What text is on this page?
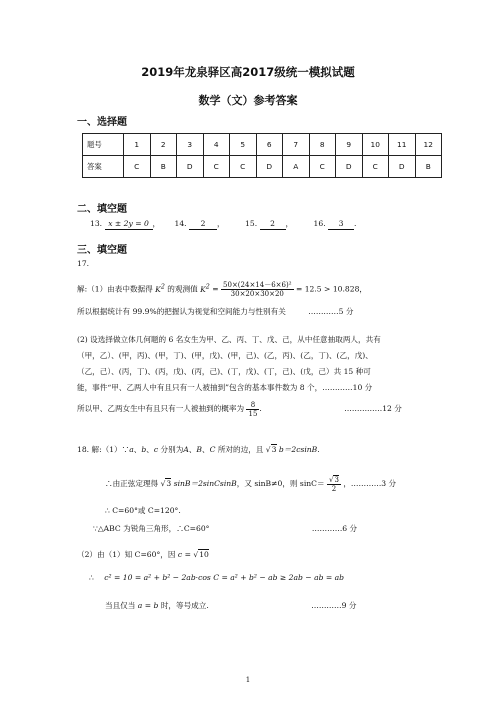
2019年龙泉驿区高2017级统一模拟试题
数学（文）参考答案
一、选择题
题号	1	2	3	4	5	6	7	8	9	10	11	12
答案	C	B	D	C	C	D	A	C	D	C	D	B
二、填空题
13. x ± 2y = 0 ， 14. 2 ，	15. 2 ，	16. 3 .
三、填空题
17.
解:（1）由表中数据得 $K^2$ 的观测值 $K^2 = \frac{\text{50×(24×14－6×6)²}}{30\times 20\times 30\times 20} = 12.5 > 10.828$，
所以根据统计有 99.9%的把握认为视觉和空间能力与性别有关	…………5 分
(2) 设选择做立体几何题的 6 名女生为甲、乙、丙、丁、戊、己，从中任意抽取两人，共有
（甲，乙）、(甲，丙)、(甲，丁)、(甲，戊)、(甲，己)、(乙，丙)、(乙，丁)、(乙，戊)、
（乙，己）、(丙，丁)、(丙，戊)、(丙，己)、(丁，戊)、(丁，己)、(戊，己）共 15 种可
能，事件“甲、乙两人中有且只有一人被抽到”包含的基本事件数为 8 个，…………10 分
所以甲、乙两女生中有且只有一人被抽到的概率为 $\frac{8}{15}$ .	……………12 分
18. 解:（1）∵a、b、c 分别为A、B、C 所对的边，且 √3 b＝2csinB.
∴由正弦定理得 √3 sinB＝2sinCsinB，又 sinB≠0，则 $\sin C= \frac{√3}{2}$ ，…………3 分
∴ C=60°或 C=120°.
∵△ABC 为锐角三角形，∴C=60°	…………6 分
（2）由（1）知 C=60°，因 c = √10
∴ c² = 10 = a² + b² − 2ab·cos C = a² + b² − ab ≥ 2ab − ab = ab
当且仅当 a = b 时，等号成立.	…………9 分
1
